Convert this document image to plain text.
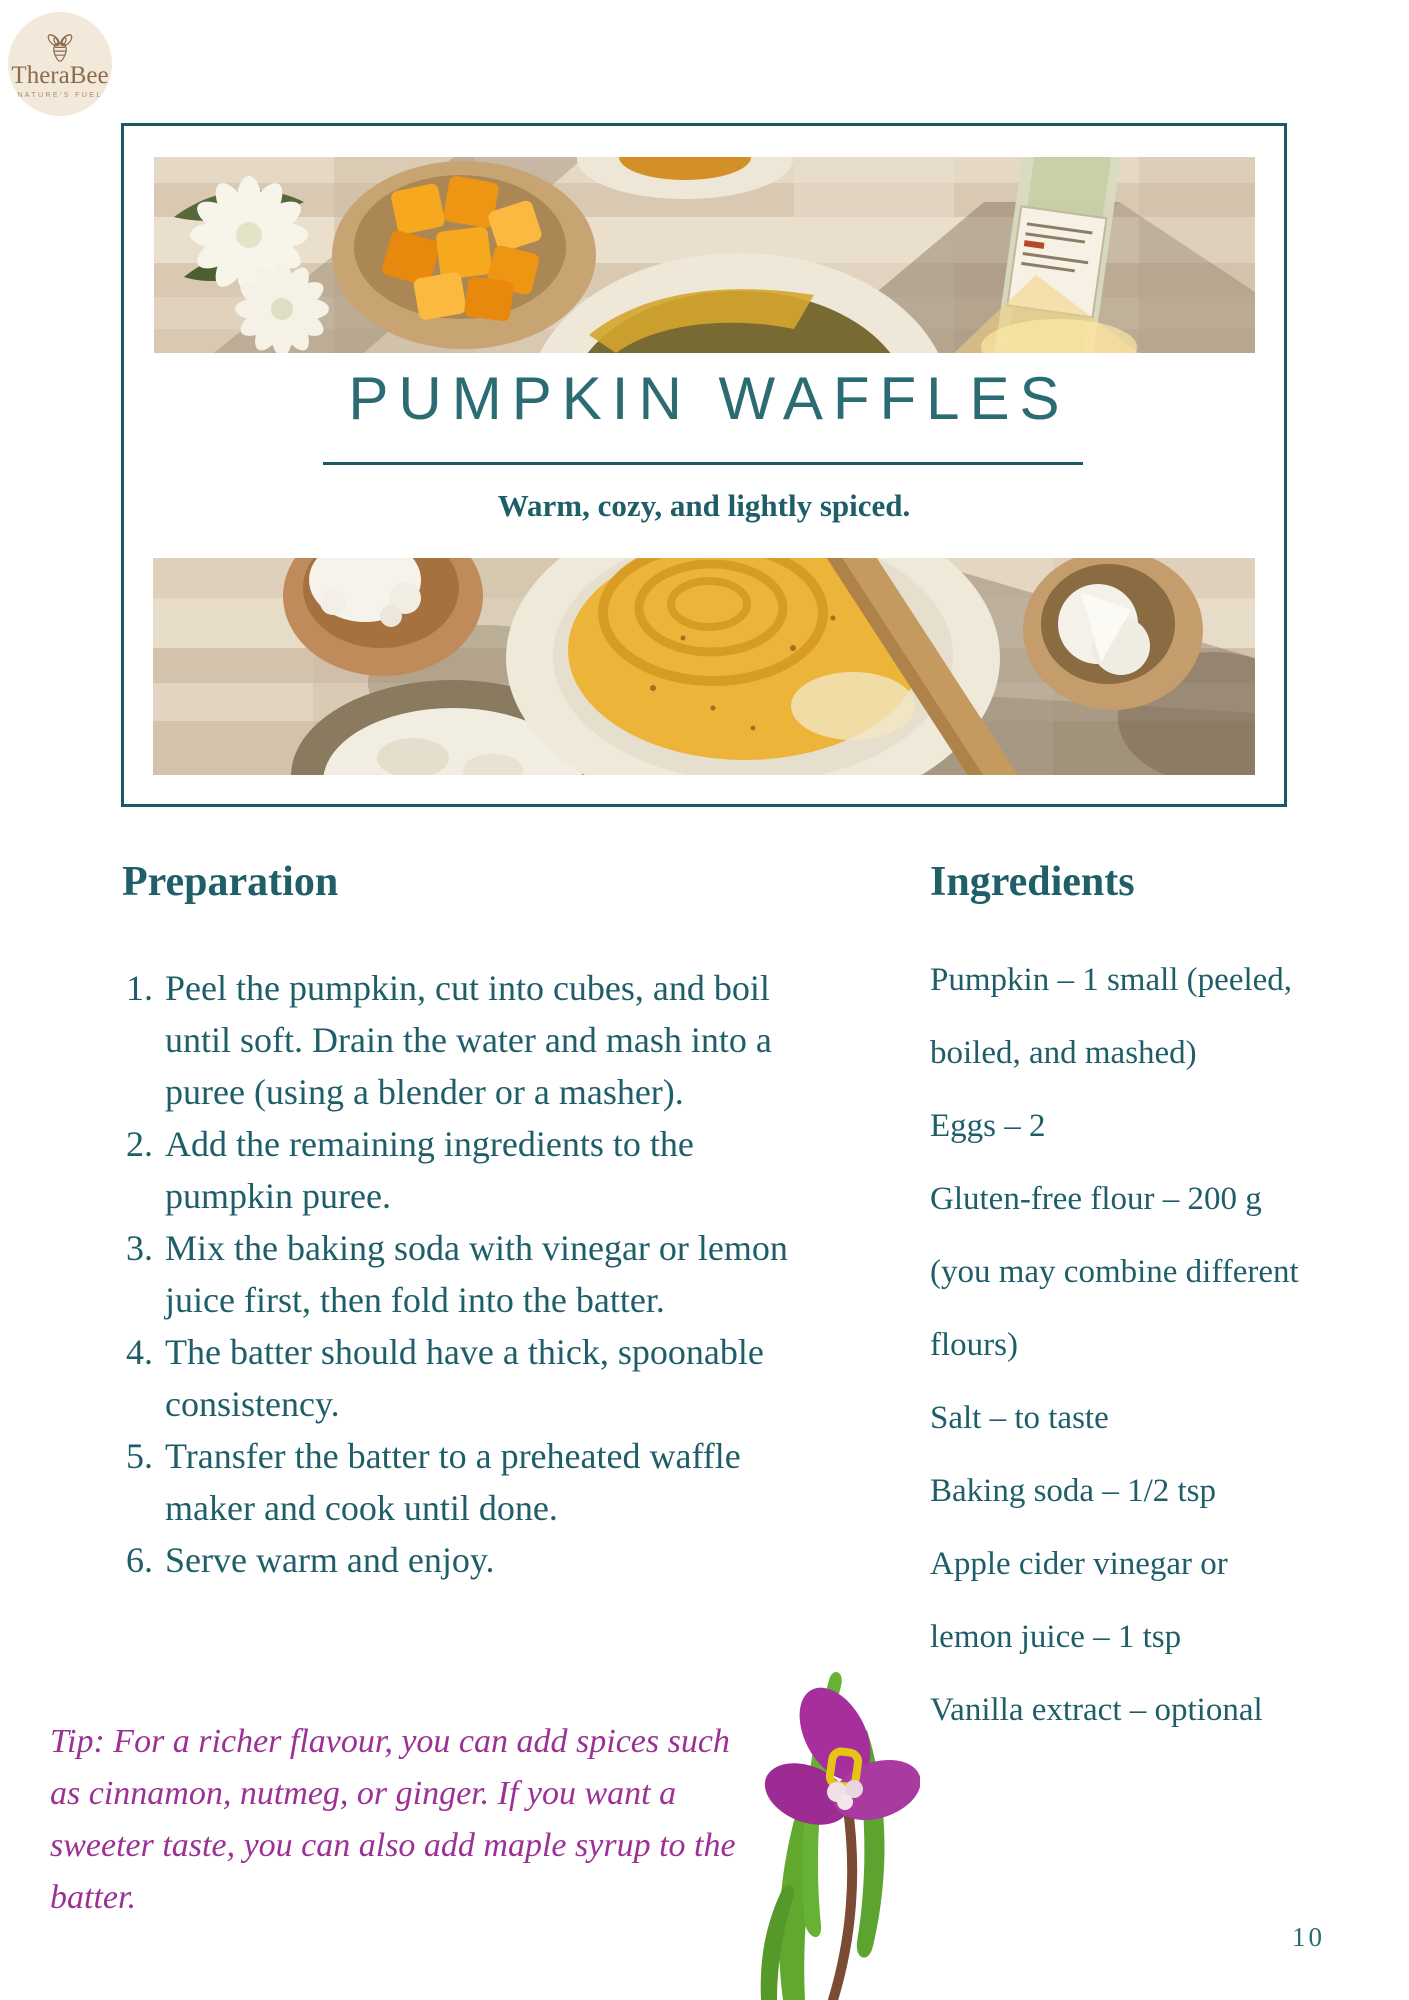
TheraBee
NATURE'S FUEL
PUMPKIN WAFFLES
Warm, cozy, and lightly spiced.
Preparation
1. Peel the pumpkin, cut into cubes, and boil until soft. Drain the water and mash into a puree (using a blender or a masher).
2. Add the remaining ingredients to the pumpkin puree.
3. Mix the baking soda with vinegar or lemon juice first, then fold into the batter.
4. The batter should have a thick, spoonable consistency.
5. Transfer the batter to a preheated waffle maker and cook until done.
6. Serve warm and enjoy.
Ingredients
Pumpkin – 1 small (peeled, boiled, and mashed)
Eggs – 2
Gluten-free flour – 200 g (you may combine different flours)
Salt – to taste
Baking soda – 1/2 tsp
Apple cider vinegar or lemon juice – 1 tsp
Vanilla extract – optional
Tip: For a richer flavour, you can add spices such as cinnamon, nutmeg, or ginger. If you want a sweeter taste, you can also add maple syrup to the batter.
10
